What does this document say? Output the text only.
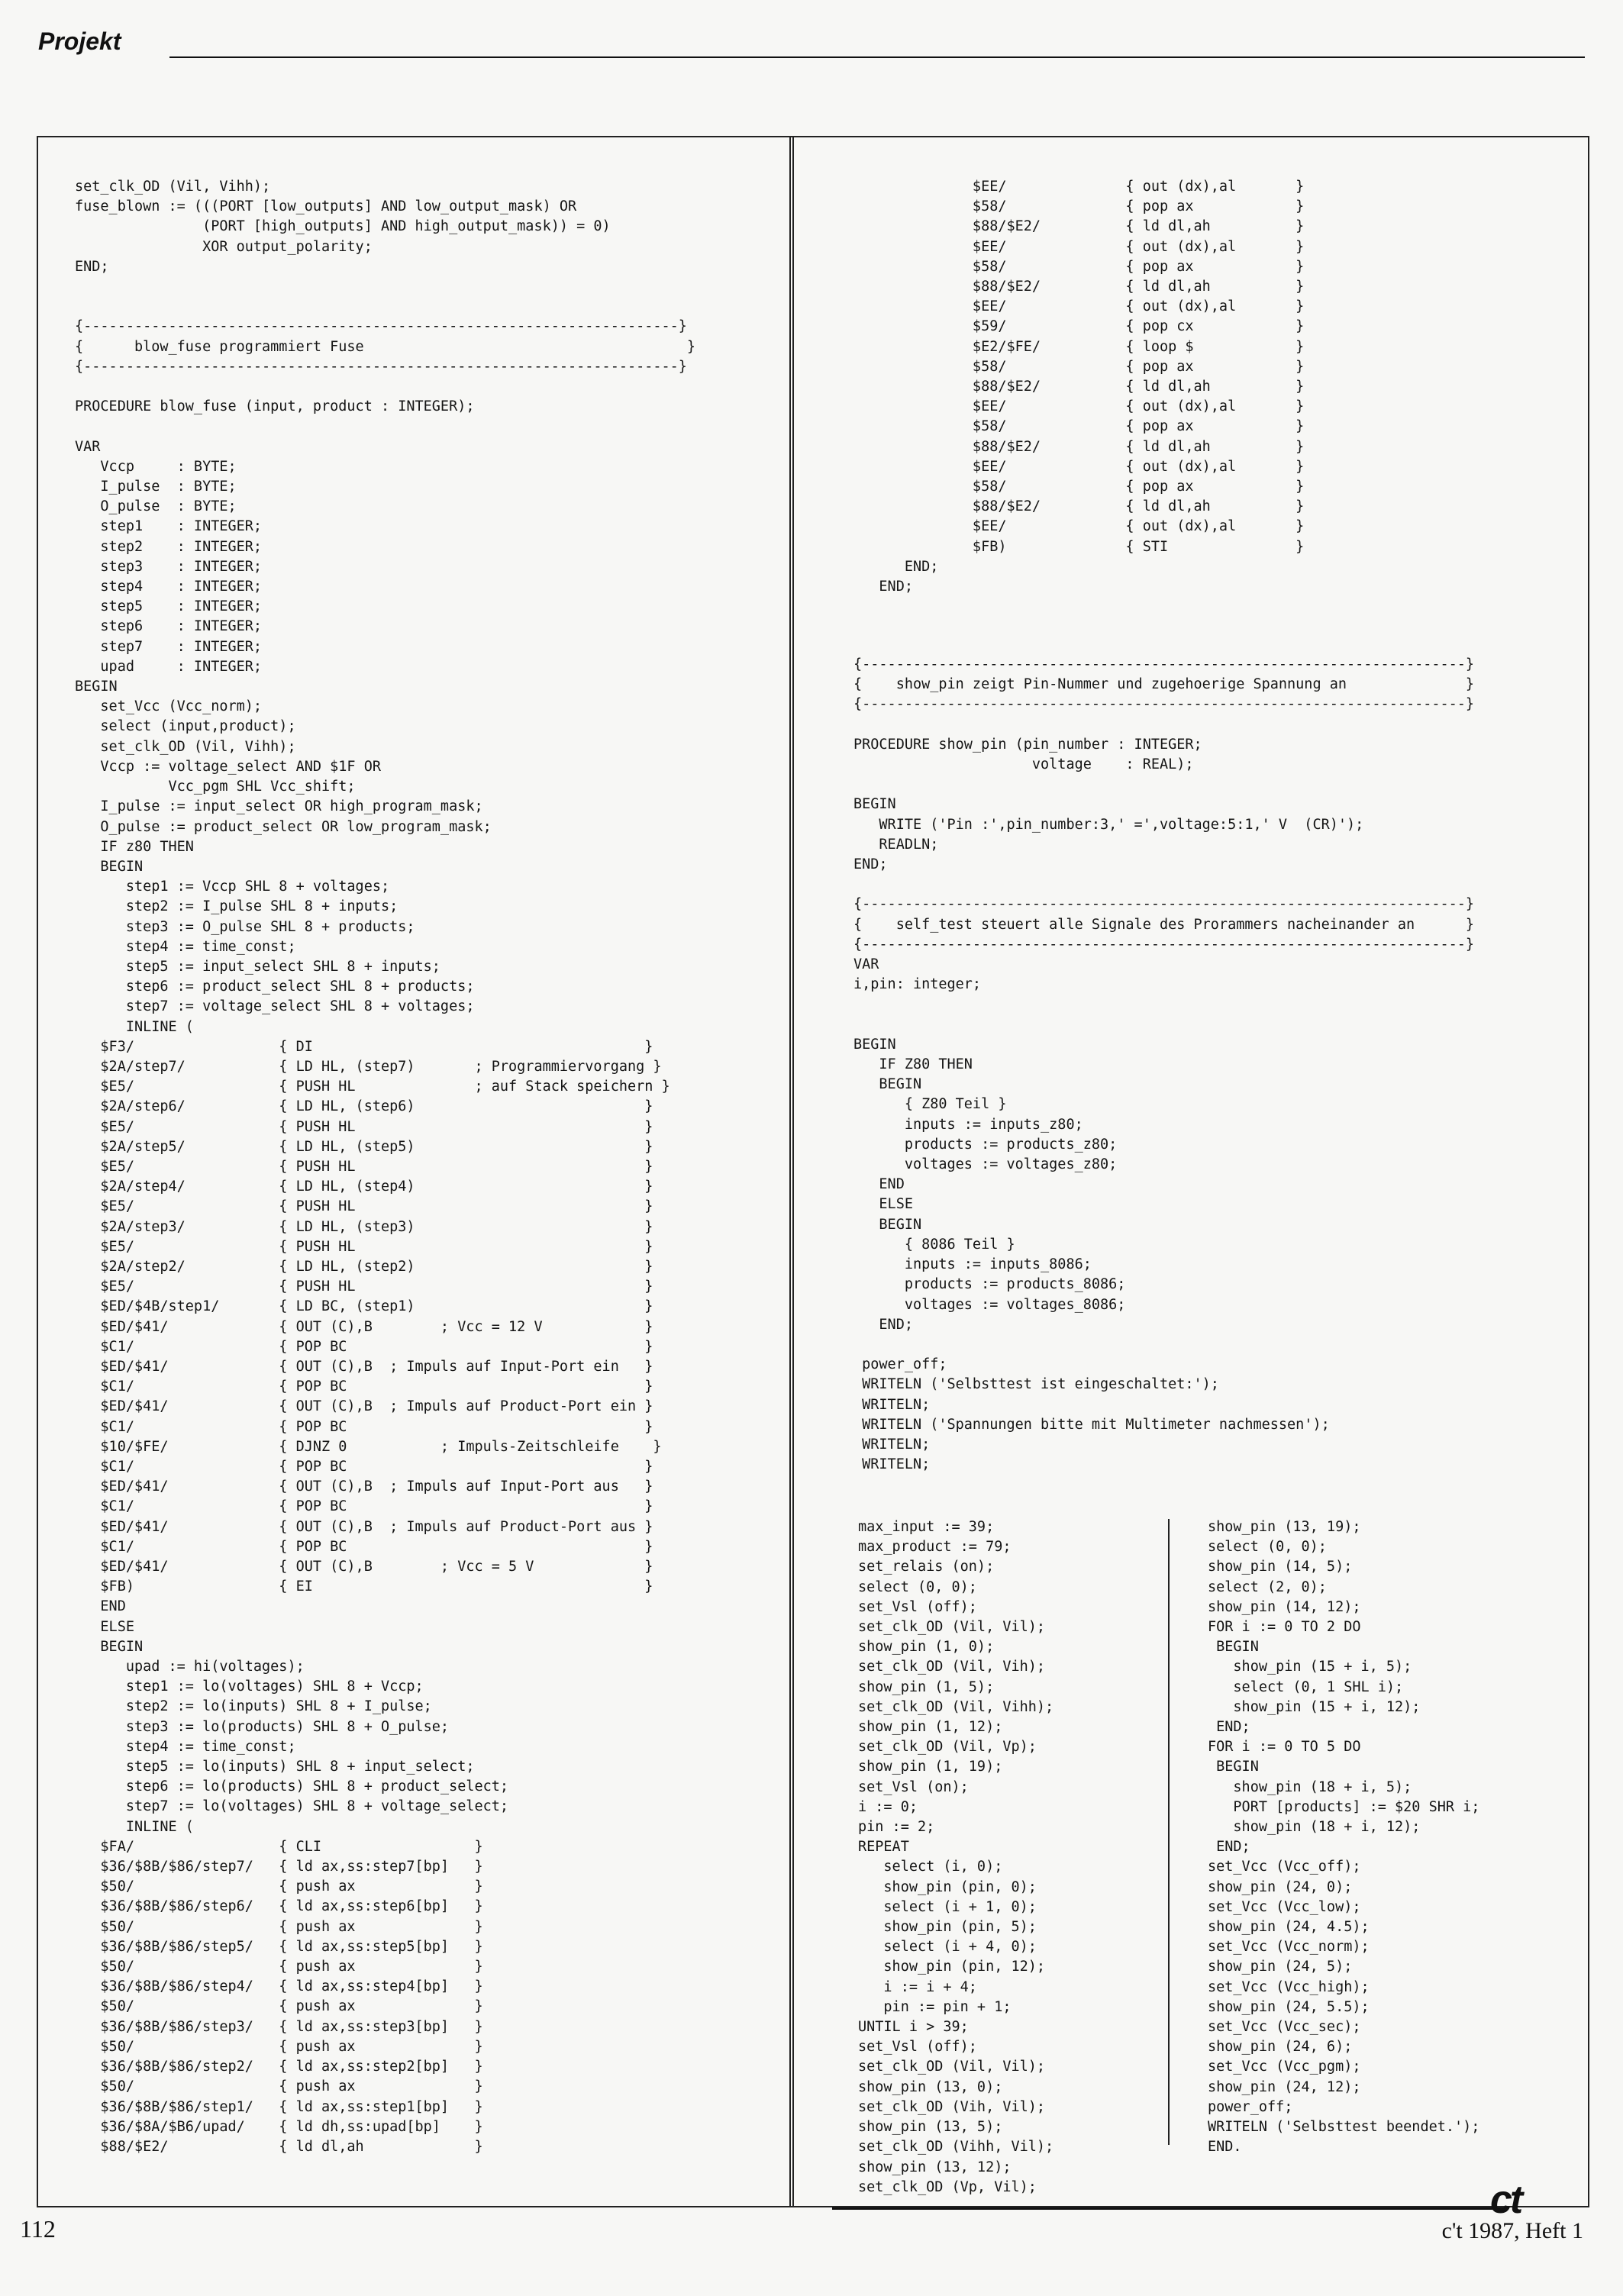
Projekt
set_clk_OD (Vil, Vihh);
fuse_blown := (((PORT [low_outputs] AND low_output_mask) OR
(PORT [high_outputs] AND high_output_mask)) = 0)
XOR output_polarity;
END;

{----------------------------------------------------------------------}
{      blow_fuse programmiert Fuse                                      }
{----------------------------------------------------------------------}

PROCEDURE blow_fuse (input, product : INTEGER);

VAR
Vccp     : BYTE;
I_pulse  : BYTE;
O_pulse  : BYTE;
step1    : INTEGER;
step2    : INTEGER;
step3    : INTEGER;
step4    : INTEGER;
step5    : INTEGER;
step6    : INTEGER;
step7    : INTEGER;
upad     : INTEGER;
BEGIN
set_Vcc (Vcc_norm);
select (input,product);
set_clk_OD (Vil, Vihh);
Vccp := voltage_select AND $1F OR
Vcc_pgm SHL Vcc_shift;
I_pulse := input_select OR high_program_mask;
O_pulse := product_select OR low_program_mask;
IF z80 THEN
BEGIN
step1 := Vccp SHL 8 + voltages;
step2 := I_pulse SHL 8 + inputs;
step3 := O_pulse SHL 8 + products;
step4 := time_const;
step5 := input_select SHL 8 + inputs;
step6 := product_select SHL 8 + products;
step7 := voltage_select SHL 8 + voltages;
INLINE (
$F3/                 { DI                                       }
$2A/step7/           { LD HL, (step7)       ; Programmiervorgang }
$E5/                 { PUSH HL              ; auf Stack speichern }
$2A/step6/           { LD HL, (step6)                           }
$E5/                 { PUSH HL                                  }
$2A/step5/           { LD HL, (step5)                           }
$E5/                 { PUSH HL                                  }
$2A/step4/           { LD HL, (step4)                           }
$E5/                 { PUSH HL                                  }
$2A/step3/           { LD HL, (step3)                           }
$E5/                 { PUSH HL                                  }
$2A/step2/           { LD HL, (step2)                           }
$E5/                 { PUSH HL                                  }
$ED/$4B/step1/       { LD BC, (step1)                           }
$ED/$41/             { OUT (C),B        ; Vcc = 12 V            }
$C1/                 { POP BC                                   }
$ED/$41/             { OUT (C),B  ; Impuls auf Input-Port ein   }
$C1/                 { POP BC                                   }
$ED/$41/             { OUT (C),B  ; Impuls auf Product-Port ein }
$C1/                 { POP BC                                   }
$10/$FE/             { DJNZ 0           ; Impuls-Zeitschleife    }
$C1/                 { POP BC                                   }
$ED/$41/             { OUT (C),B  ; Impuls auf Input-Port aus   }
$C1/                 { POP BC                                   }
$ED/$41/             { OUT (C),B  ; Impuls auf Product-Port aus }
$C1/                 { POP BC                                   }
$ED/$41/             { OUT (C),B        ; Vcc = 5 V             }
$FB)                 { EI                                       }
END
ELSE
BEGIN
upad := hi(voltages);
step1 := lo(voltages) SHL 8 + Vccp;
step2 := lo(inputs) SHL 8 + I_pulse;
step3 := lo(products) SHL 8 + O_pulse;
step4 := time_const;
step5 := lo(inputs) SHL 8 + input_select;
step6 := lo(products) SHL 8 + product_select;
step7 := lo(voltages) SHL 8 + voltage_select;
INLINE (
$FA/                 { CLI                  }
$36/$8B/$86/step7/   { ld ax,ss:step7[bp]   }
$50/                 { push ax              }
$36/$8B/$86/step6/   { ld ax,ss:step6[bp]   }
$50/                 { push ax              }
$36/$8B/$86/step5/   { ld ax,ss:step5[bp]   }
$50/                 { push ax              }
$36/$8B/$86/step4/   { ld ax,ss:step4[bp]   }
$50/                 { push ax              }
$36/$8B/$86/step3/   { ld ax,ss:step3[bp]   }
$50/                 { push ax              }
$36/$8B/$86/step2/   { ld ax,ss:step2[bp]   }
$50/                 { push ax              }
$36/$8B/$86/step1/   { ld ax,ss:step1[bp]   }
$36/$8A/$B6/upad/    { ld dh,ss:upad[bp]    }
$88/$E2/             { ld dl,ah             }
$EE/              { out (dx),al       }
$58/              { pop ax            }
$88/$E2/          { ld dl,ah          }
$EE/              { out (dx),al       }
$58/              { pop ax            }
$88/$E2/          { ld dl,ah          }
$EE/              { out (dx),al       }
$59/              { pop cx            }
$E2/$FE/          { loop $            }
$58/              { pop ax            }
$88/$E2/          { ld dl,ah          }
$EE/              { out (dx),al       }
$58/              { pop ax            }
$88/$E2/          { ld dl,ah          }
$EE/              { out (dx),al       }
$58/              { pop ax            }
$88/$E2/          { ld dl,ah          }
$EE/              { out (dx),al       }
$FB)              { STI               }
END;
END;
{-----------------------------------------------------------------------}
{    show_pin zeigt Pin-Nummer und zugehoerige Spannung an              }
{-----------------------------------------------------------------------}

PROCEDURE show_pin (pin_number : INTEGER;
voltage    : REAL);

BEGIN
WRITE ('Pin :',pin_number:3,' =',voltage:5:1,' V  (CR)');
READLN;
END;

{-----------------------------------------------------------------------}
{    self_test steuert alle Signale des Prorammers nacheinander an      }
{-----------------------------------------------------------------------}
VAR
i,pin: integer;

BEGIN
IF Z80 THEN
BEGIN
{ Z80 Teil }
inputs := inputs_z80;
products := products_z80;
voltages := voltages_z80;
END
ELSE
BEGIN
{ 8086 Teil }
inputs := inputs_8086;
products := products_8086;
voltages := voltages_8086;
END;

power_off;
WRITELN ('Selbsttest ist eingeschaltet:');
WRITELN;
WRITELN ('Spannungen bitte mit Multimeter nachmessen');
WRITELN;
WRITELN;
max_input := 39;
max_product := 79;
set_relais (on);
select (0, 0);
set_Vsl (off);
set_clk_OD (Vil, Vil);
show_pin (1, 0);
set_clk_OD (Vil, Vih);
show_pin (1, 5);
set_clk_OD (Vil, Vihh);
show_pin (1, 12);
set_clk_OD (Vil, Vp);
show_pin (1, 19);
set_Vsl (on);
i := 0;
pin := 2;
REPEAT
select (i, 0);
show_pin (pin, 0);
select (i + 1, 0);
show_pin (pin, 5);
select (i + 4, 0);
show_pin (pin, 12);
i := i + 4;
pin := pin + 1;
UNTIL i > 39;
set_Vsl (off);
set_clk_OD (Vil, Vil);
show_pin (13, 0);
set_clk_OD (Vih, Vil);
show_pin (13, 5);
set_clk_OD (Vihh, Vil);
show_pin (13, 12);
set_clk_OD (Vp, Vil);
show_pin (13, 19);
select (0, 0);
show_pin (14, 5);
select (2, 0);
show_pin (14, 12);
FOR i := 0 TO 2 DO
BEGIN
show_pin (15 + i, 5);
select (0, 1 SHL i);
show_pin (15 + i, 12);
END;
FOR i := 0 TO 5 DO
BEGIN
show_pin (18 + i, 5);
PORT [products] := $20 SHR i;
show_pin (18 + i, 12);
END;
set_Vcc (Vcc_off);
show_pin (24, 0);
set_Vcc (Vcc_low);
show_pin (24, 4.5);
set_Vcc (Vcc_norm);
show_pin (24, 5);
set_Vcc (Vcc_high);
show_pin (24, 5.5);
set_Vcc (Vcc_sec);
show_pin (24, 6);
set_Vcc (Vcc_pgm);
show_pin (24, 12);
power_off;
WRITELN ('Selbsttest beendet.');
END.
ct
112	c't 1987, Heft 1
